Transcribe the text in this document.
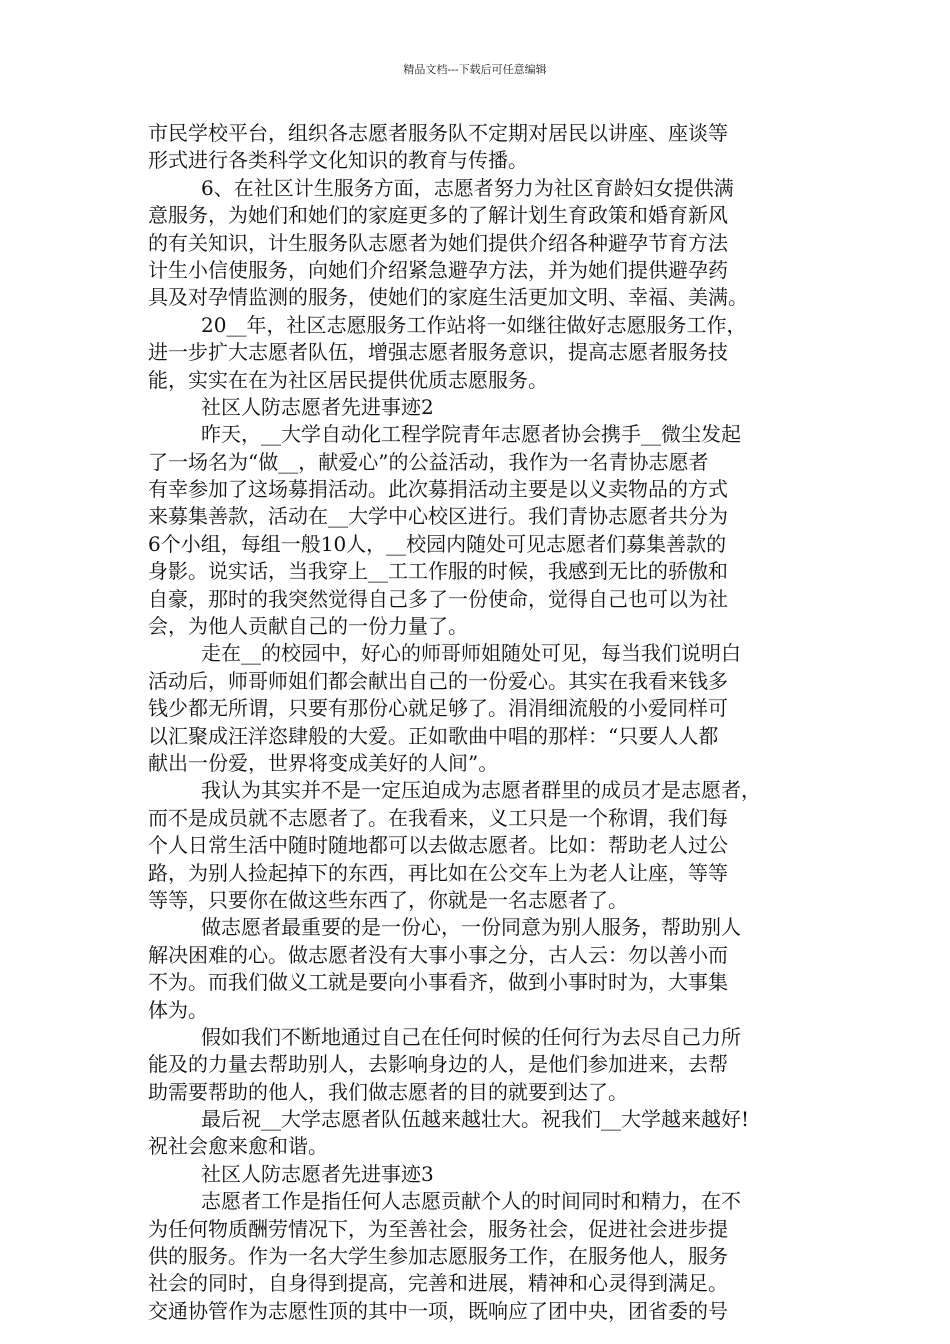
精品文档---下载后可任意编辑
市民学校平台，组织各志愿者服务队不定期对居民以讲座、座谈等
形式进行各类科学文化知识的教育与传播。
6、在社区计生服务方面，志愿者努力为社区育龄妇女提供满
意服务，为她们和她们的家庭更多的了解计划生育政策和婚育新风
的有关知识，计生服务队志愿者为她们提供介绍各种避孕节育方法
计生小信使服务，向她们介绍紧急避孕方法，并为她们提供避孕药
具及对孕情监测的服务，使她们的家庭生活更加文明、幸福、美满。
20__年，社区志愿服务工作站将一如继往做好志愿服务工作，
进一步扩大志愿者队伍，增强志愿者服务意识，提高志愿者服务技
能，实实在在为社区居民提供优质志愿服务。
社区人防志愿者先进事迹2
昨天，__大学自动化工程学院青年志愿者协会携手__微尘发起
了一场名为“做__，献爱心”的公益活动，我作为一名青协志愿者
有幸参加了这场募捐活动。此次募捐活动主要是以义卖物品的方式
来募集善款，活动在__大学中心校区进行。我们青协志愿者共分为
6个小组，每组一般10人，__校园内随处可见志愿者们募集善款的
身影。说实话，当我穿上__工工作服的时候，我感到无比的骄傲和
自豪，那时的我突然觉得自己多了一份使命，觉得自己也可以为社
会，为他人贡献自己的一份力量了。
走在__的校园中，好心的师哥师姐随处可见，每当我们说明白
活动后，师哥师姐们都会献出自己的一份爱心。其实在我看来钱多
钱少都无所谓，只要有那份心就足够了。涓涓细流般的小爱同样可
以汇聚成汪洋恣肆般的大爱。正如歌曲中唱的那样：“只要人人都
献出一份爱，世界将变成美好的人间”。
我认为其实并不是一定压迫成为志愿者群里的成员才是志愿者，
而不是成员就不志愿者了。在我看来，义工只是一个称谓，我们每
个人日常生活中随时随地都可以去做志愿者。比如：帮助老人过公
路，为别人捡起掉下的东西，再比如在公交车上为老人让座，等等
等等，只要你在做这些东西了，你就是一名志愿者了。
做志愿者最重要的是一份心，一份同意为别人服务，帮助别人
解决困难的心。做志愿者没有大事小事之分，古人云：勿以善小而
不为。而我们做义工就是要向小事看齐，做到小事时时为，大事集
体为。
假如我们不断地通过自己在任何时候的任何行为去尽自己力所
能及的力量去帮助别人，去影响身边的人，是他们参加进来，去帮
助需要帮助的他人，我们做志愿者的目的就要到达了。
最后祝__大学志愿者队伍越来越壮大。祝我们__大学越来越好!
祝社会愈来愈和谐。
社区人防志愿者先进事迹3
志愿者工作是指任何人志愿贡献个人的时间同时和精力，在不
为任何物质酬劳情况下，为至善社会，服务社会，促进社会进步提
供的服务。作为一名大学生参加志愿服务工作，在服务他人，服务
社会的同时，自身得到提高，完善和进展，精神和心灵得到满足。
交通协管作为志愿性顶的其中一项，既响应了团中央，团省委的号
